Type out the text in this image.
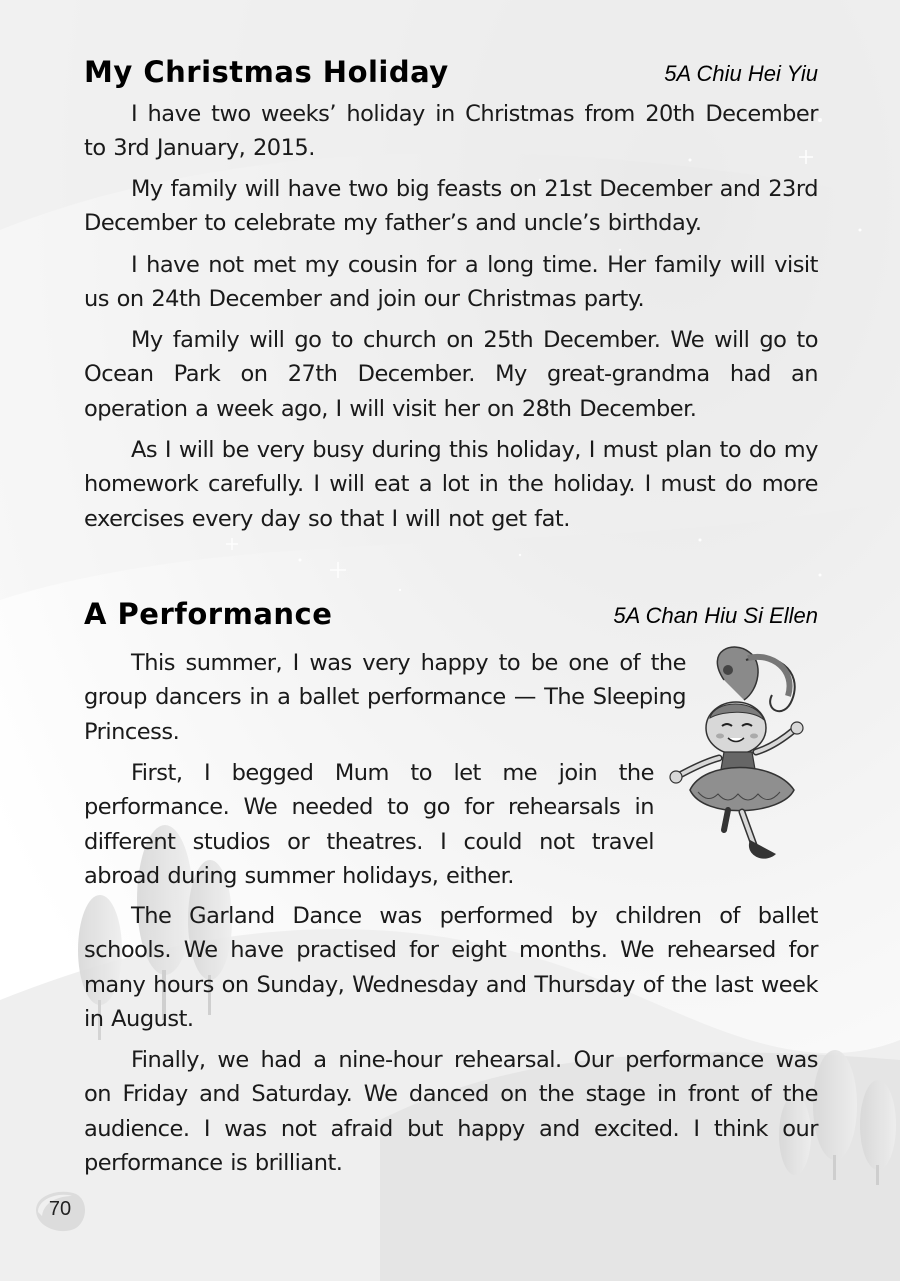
My Christmas Holiday	5A Chiu Hei Yiu

I have two weeks’ holiday in Christmas from 20th December to 3rd January, 2015.

My family will have two big feasts on 21st December and 23rd December to celebrate my father’s and uncle’s birthday.

I have not met my cousin for a long time. Her family will visit us on 24th December and join our Christmas party.

My family will go to church on 25th December. We will go to Ocean Park on 27th December. My great-grandma had an operation a week ago, I will visit her on 28th December.

As I will be very busy during this holiday, I must plan to do my homework carefully. I will eat a lot in the holiday. I must do more exercises every day so that I will not get fat.

A Performance	5A Chan Hiu Si Ellen

This summer, I was very happy to be one of the group dancers in a ballet performance — The Sleeping Princess.

First, I begged Mum to let me join the performance. We needed to go for rehearsals in different studios or theatres. I could not travel abroad during summer holidays, either.

The Garland Dance was performed by children of ballet schools. We have practised for eight months. We rehearsed for many hours on Sunday, Wednesday and Thursday of the last week in August.

Finally, we had a nine-hour rehearsal. Our performance was on Friday and Saturday. We danced on the stage in front of the audience. I was not afraid but happy and excited. I think our performance is brilliant.

70
